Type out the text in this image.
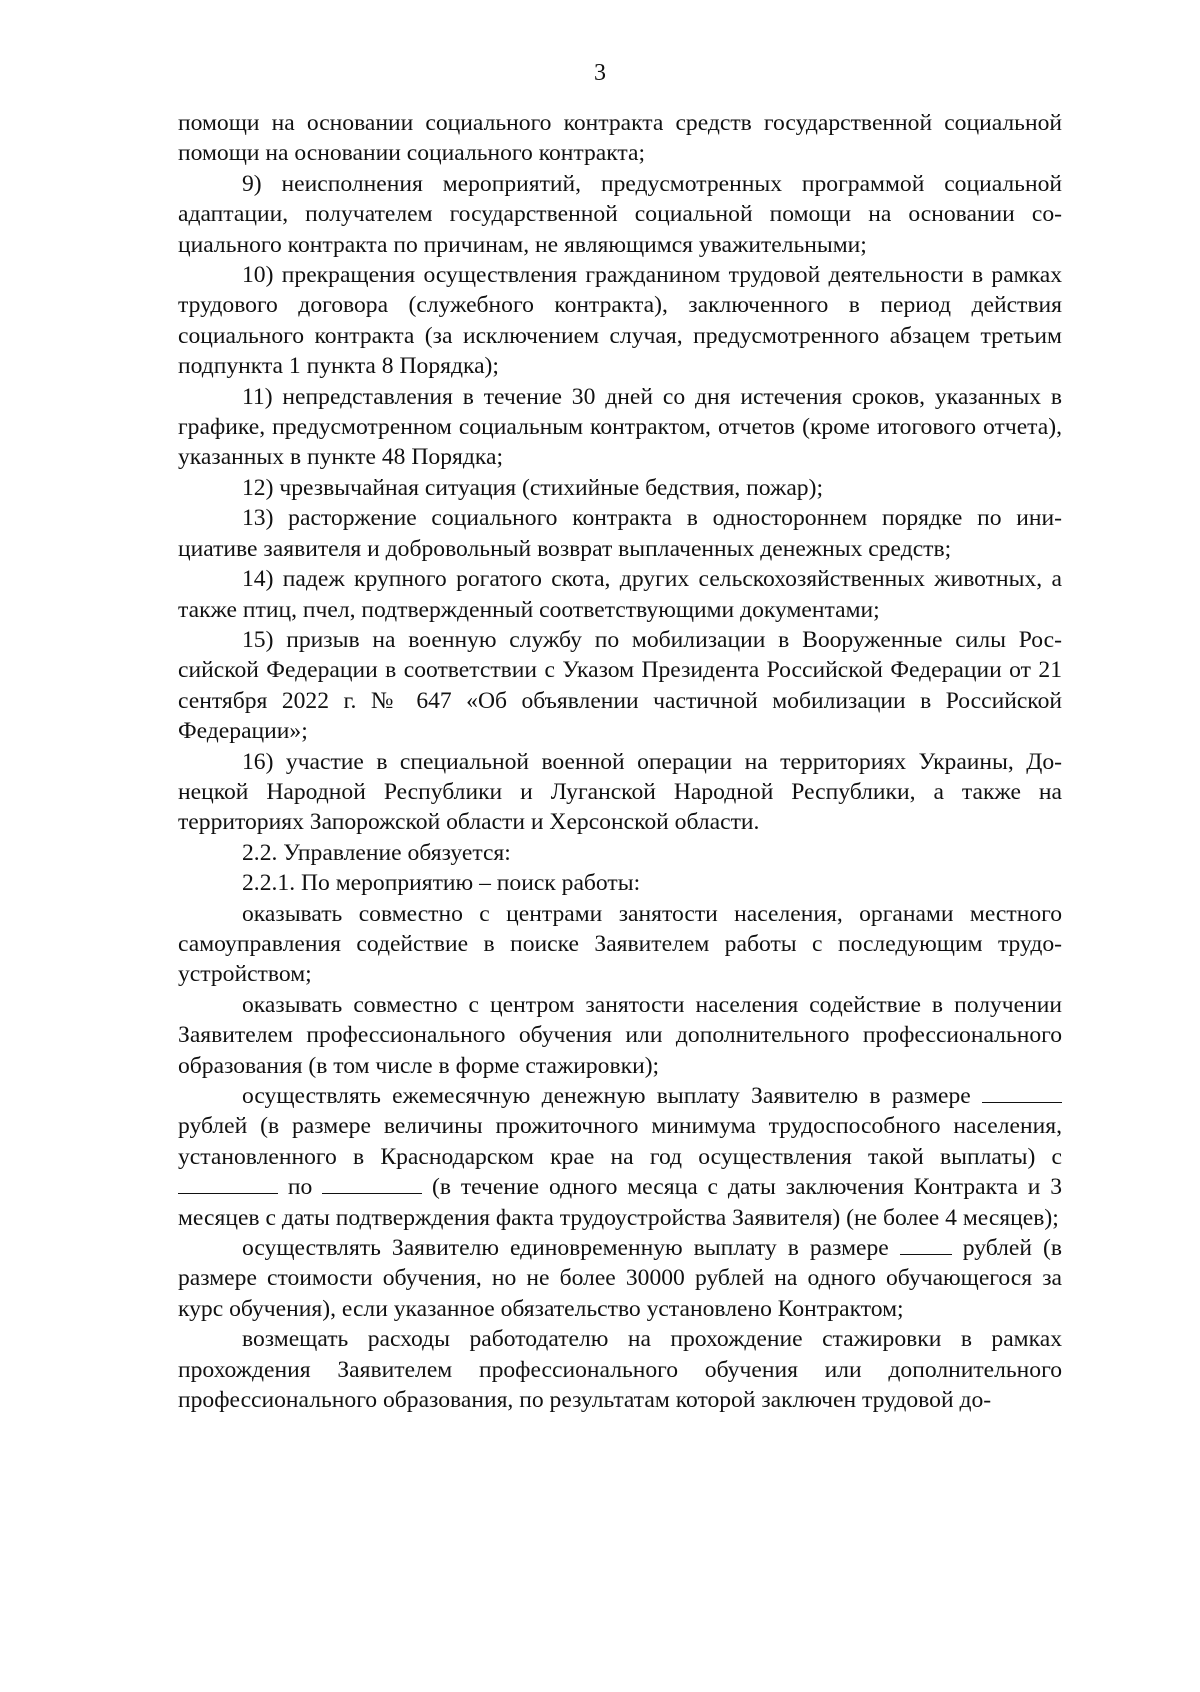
3

помощи на основании социального контракта средств государственной социальной помощи на основании социального контракта;

9) неисполнения мероприятий, предусмотренных программой социальной адаптации, получателем государственной социальной помощи на основании социального контракта по причинам, не являющимся уважительными;

10) прекращения осуществления гражданином трудовой деятельности в рамках трудового договора (служебного контракта), заключенного в период действия социального контракта (за исключением случая, предусмотренного абзацем третьим подпункта 1 пункта 8 Порядка);

11) непредставления в течение 30 дней со дня истечения сроков, указанных в графике, предусмотренном социальным контрактом, отчетов (кроме итогового отчета), указанных в пункте 48 Порядка;

12) чрезвычайная ситуация (стихийные бедствия, пожар);

13) расторжение социального контракта в одностороннем порядке по инициативе заявителя и добровольный возврат выплаченных денежных средств;

14) падеж крупного рогатого скота, других сельскохозяйственных животных, а также птиц, пчел, подтвержденный соответствующими документами;

15) призыв на военную службу по мобилизации в Вооруженные силы Российской Федерации в соответствии с Указом Президента Российской Федерации от 21 сентября 2022 г. № 647 «Об объявлении частичной мобилизации в Российской Федерации»;

16) участие в специальной военной операции на территориях Украины, Донецкой Народной Республики и Луганской Народной Республики, а также на территориях Запорожской области и Херсонской области.

2.2. Управление обязуется:

2.2.1. По мероприятию – поиск работы:

оказывать совместно с центрами занятости населения, органами местного самоуправления содействие в поиске Заявителем работы с последующим трудоустройством;

оказывать совместно с центром занятости населения содействие в получении Заявителем профессионального обучения или дополнительного профессионального образования (в том числе в форме стажировки);

осуществлять ежемесячную денежную выплату Заявителю в размере  рублей (в размере величины прожиточного минимума трудоспособного населения, установленного в Краснодарском крае на год осуществления такой выплаты) с  по	(в течение одного месяца с даты заключения Контракта и 3 месяцев с даты подтверждения факта трудоустройства Заявителя) (не более 4 месяцев);

осуществлять Заявителю единовременную выплату в размере  рублей (в размере стоимости обучения, но не более 30000 рублей на одного обучающегося за курс обучения), если указанное обязательство установлено Контрактом;

возмещать расходы работодателю на прохождение стажировки в рамках прохождения Заявителем профессионального обучения или дополнительного профессионального образования, по результатам которой заключен трудовой до-
